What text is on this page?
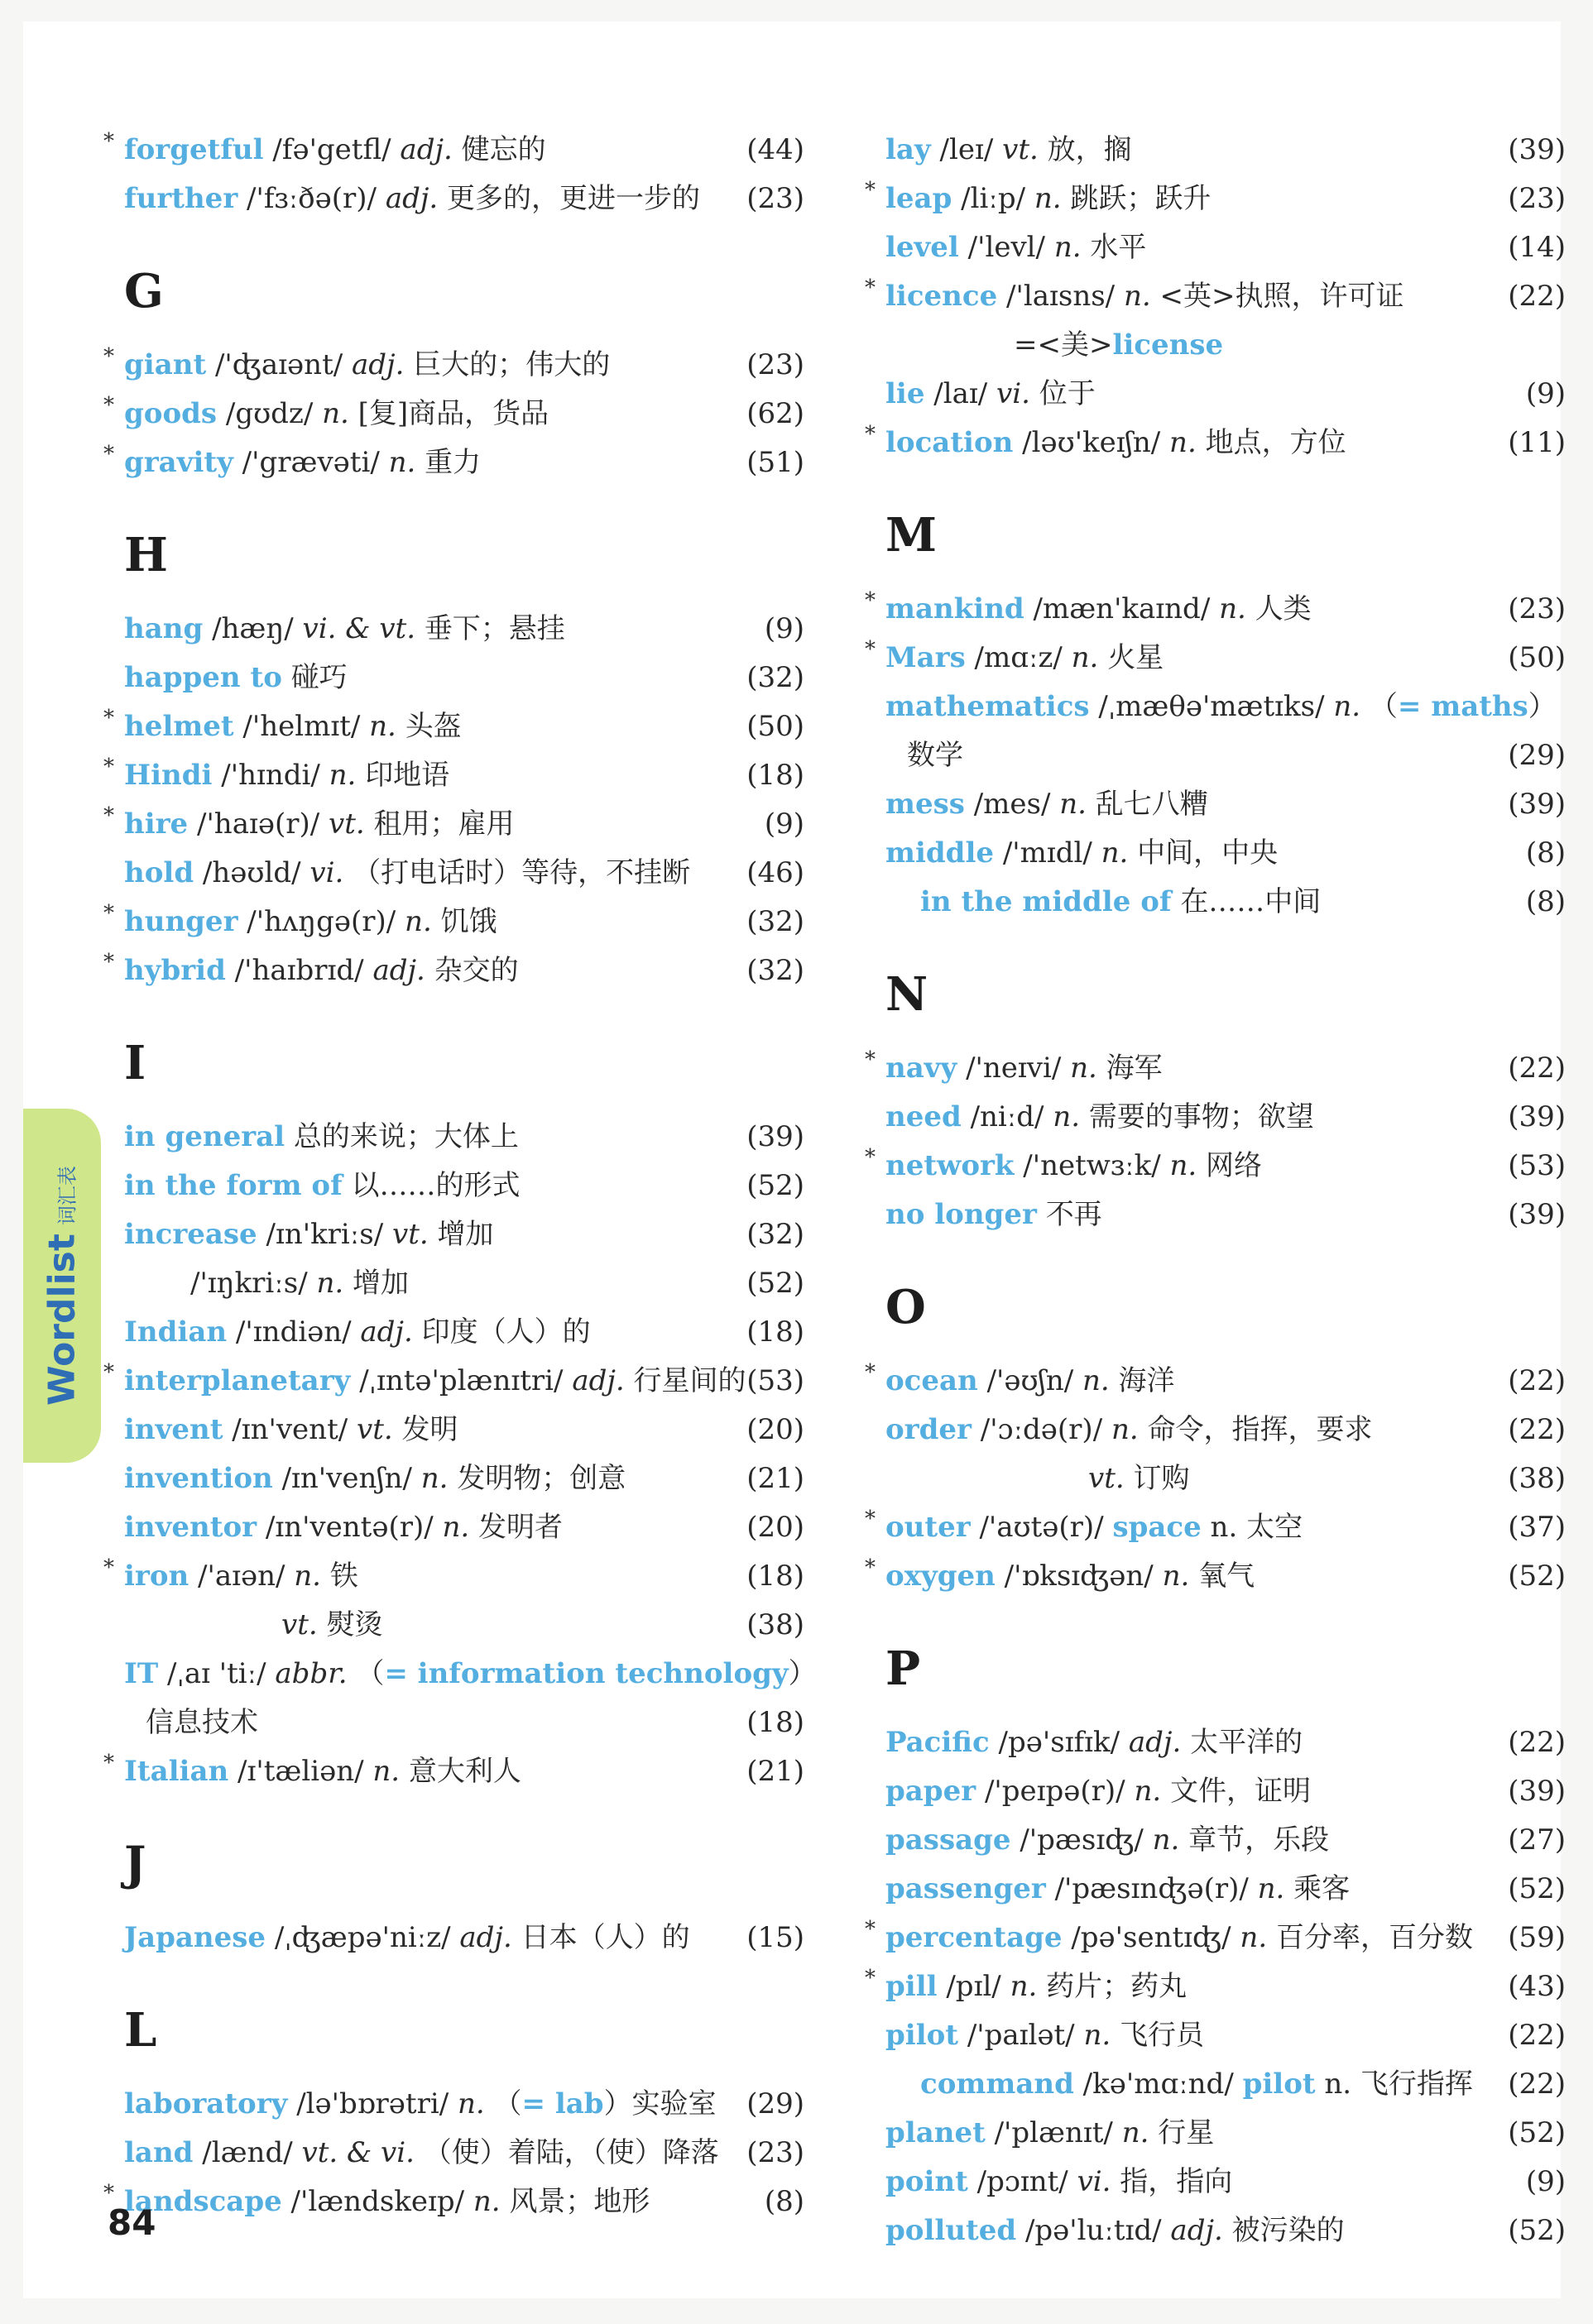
Wordlist词汇表
* forgetful /fə'getfl/ adj. 健忘的	(44)
further /'fɜːðə(r)/ adj. 更多的，更进一步的 (23)
G
* giant /'ʤaɪənt/ adj. 巨大的；伟大的	(23)
* goods /gʊdz/ n. [复]商品，货品	(62)
* gravity /'grævəti/ n. 重力	(51)
H
hang /hæŋ/ vi. & vt. 垂下；悬挂	(9)
happen to 碰巧	(32)
* helmet /'helmɪt/ n. 头盔	(50)
* Hindi /'hɪndi/ n. 印地语	(18)
* hire /'haɪə(r)/ vt. 租用；雇用	(9)
hold /həʊld/ vi. （打电话时）等待，不挂断 (46)
* hunger /'hʌŋgə(r)/ n. 饥饿	(32)
* hybrid /'haɪbrɪd/ adj. 杂交的	(32)
I
in general 总的来说；大体上	(39)
in the form of 以……的形式	(52)
increase /ɪn'kriːs/ vt. 增加	(32)
/'ɪŋkriːs/ n. 增加	(52)
Indian /'ɪndiən/ adj. 印度（人）的	(18)
* interplanetary /ˌɪntə'plænɪtri/ adj. 行星间的 (53)
invent /ɪn'vent/ vt. 发明	(20)
invention /ɪn'venʃn/ n. 发明物；创意	(21)
inventor /ɪn'ventə(r)/ n. 发明者	(20)
* iron /'aɪən/ n. 铁	(18)
vt. 熨烫	(38)
IT /ˌaɪ 'tiː/ abbr. （= information technology）
信息技术	(18)
* Italian /ɪ'tæliən/ n. 意大利人	(21)
J
Japanese /ˌʤæpə'niːz/ adj. 日本（人）的 (15)
L
laboratory /lə'bɒrətri/ n. （= lab）实验室 (29)
land /lænd/ vt. & vi. （使）着陆，（使）降落 (23)
* landscape /'lændskeɪp/ n. 风景；地形	(8)
lay /leɪ/ vt. 放，搁	(39)
* leap /liːp/ n. 跳跃；跃升	(23)
level /'levl/ n. 水平	(14)
* licence /'laɪsns/ n. <英>执照，许可证	(22)
=<美>license
lie /laɪ/ vi. 位于	(9)
* location /ləʊ'keɪʃn/ n. 地点，方位	(11)
M
* mankind /mæn'kaɪnd/ n. 人类	(23)
* Mars /mɑːz/ n. 火星	(50)
mathematics /ˌmæθə'mætɪks/ n. （= maths）
数学	(29)
mess /mes/ n. 乱七八糟	(39)
middle /'mɪdl/ n. 中间，中央	(8)
in the middle of 在……中间	(8)
N
* navy /'neɪvi/ n. 海军	(22)
need /niːd/ n. 需要的事物；欲望	(39)
* network /'netwɜːk/ n. 网络	(53)
no longer 不再	(39)
O
* ocean /'əʊʃn/ n. 海洋	(22)
order /'ɔːdə(r)/ n. 命令，指挥，要求	(22)
vt. 订购	(38)
* outer /'aʊtə(r)/ space n. 太空	(37)
* oxygen /'ɒksɪʤən/ n. 氧气	(52)
P
Pacific /pə'sɪfɪk/ adj. 太平洋的	(22)
paper /'peɪpə(r)/ n. 文件，证明	(39)
passage /'pæsɪʤ/ n. 章节，乐段	(27)
passenger /'pæsɪnʤə(r)/ n. 乘客	(52)
* percentage /pə'sentɪʤ/ n. 百分率，百分数 (59)
* pill /pɪl/ n. 药片；药丸	(43)
pilot /'paɪlət/ n. 飞行员	(22)
command /kə'mɑːnd/ pilot n. 飞行指挥 (22)
planet /'plænɪt/ n. 行星	(52)
point /pɔɪnt/ vi. 指，指向	(9)
polluted /pə'luːtɪd/ adj. 被污染的	(52)
84
